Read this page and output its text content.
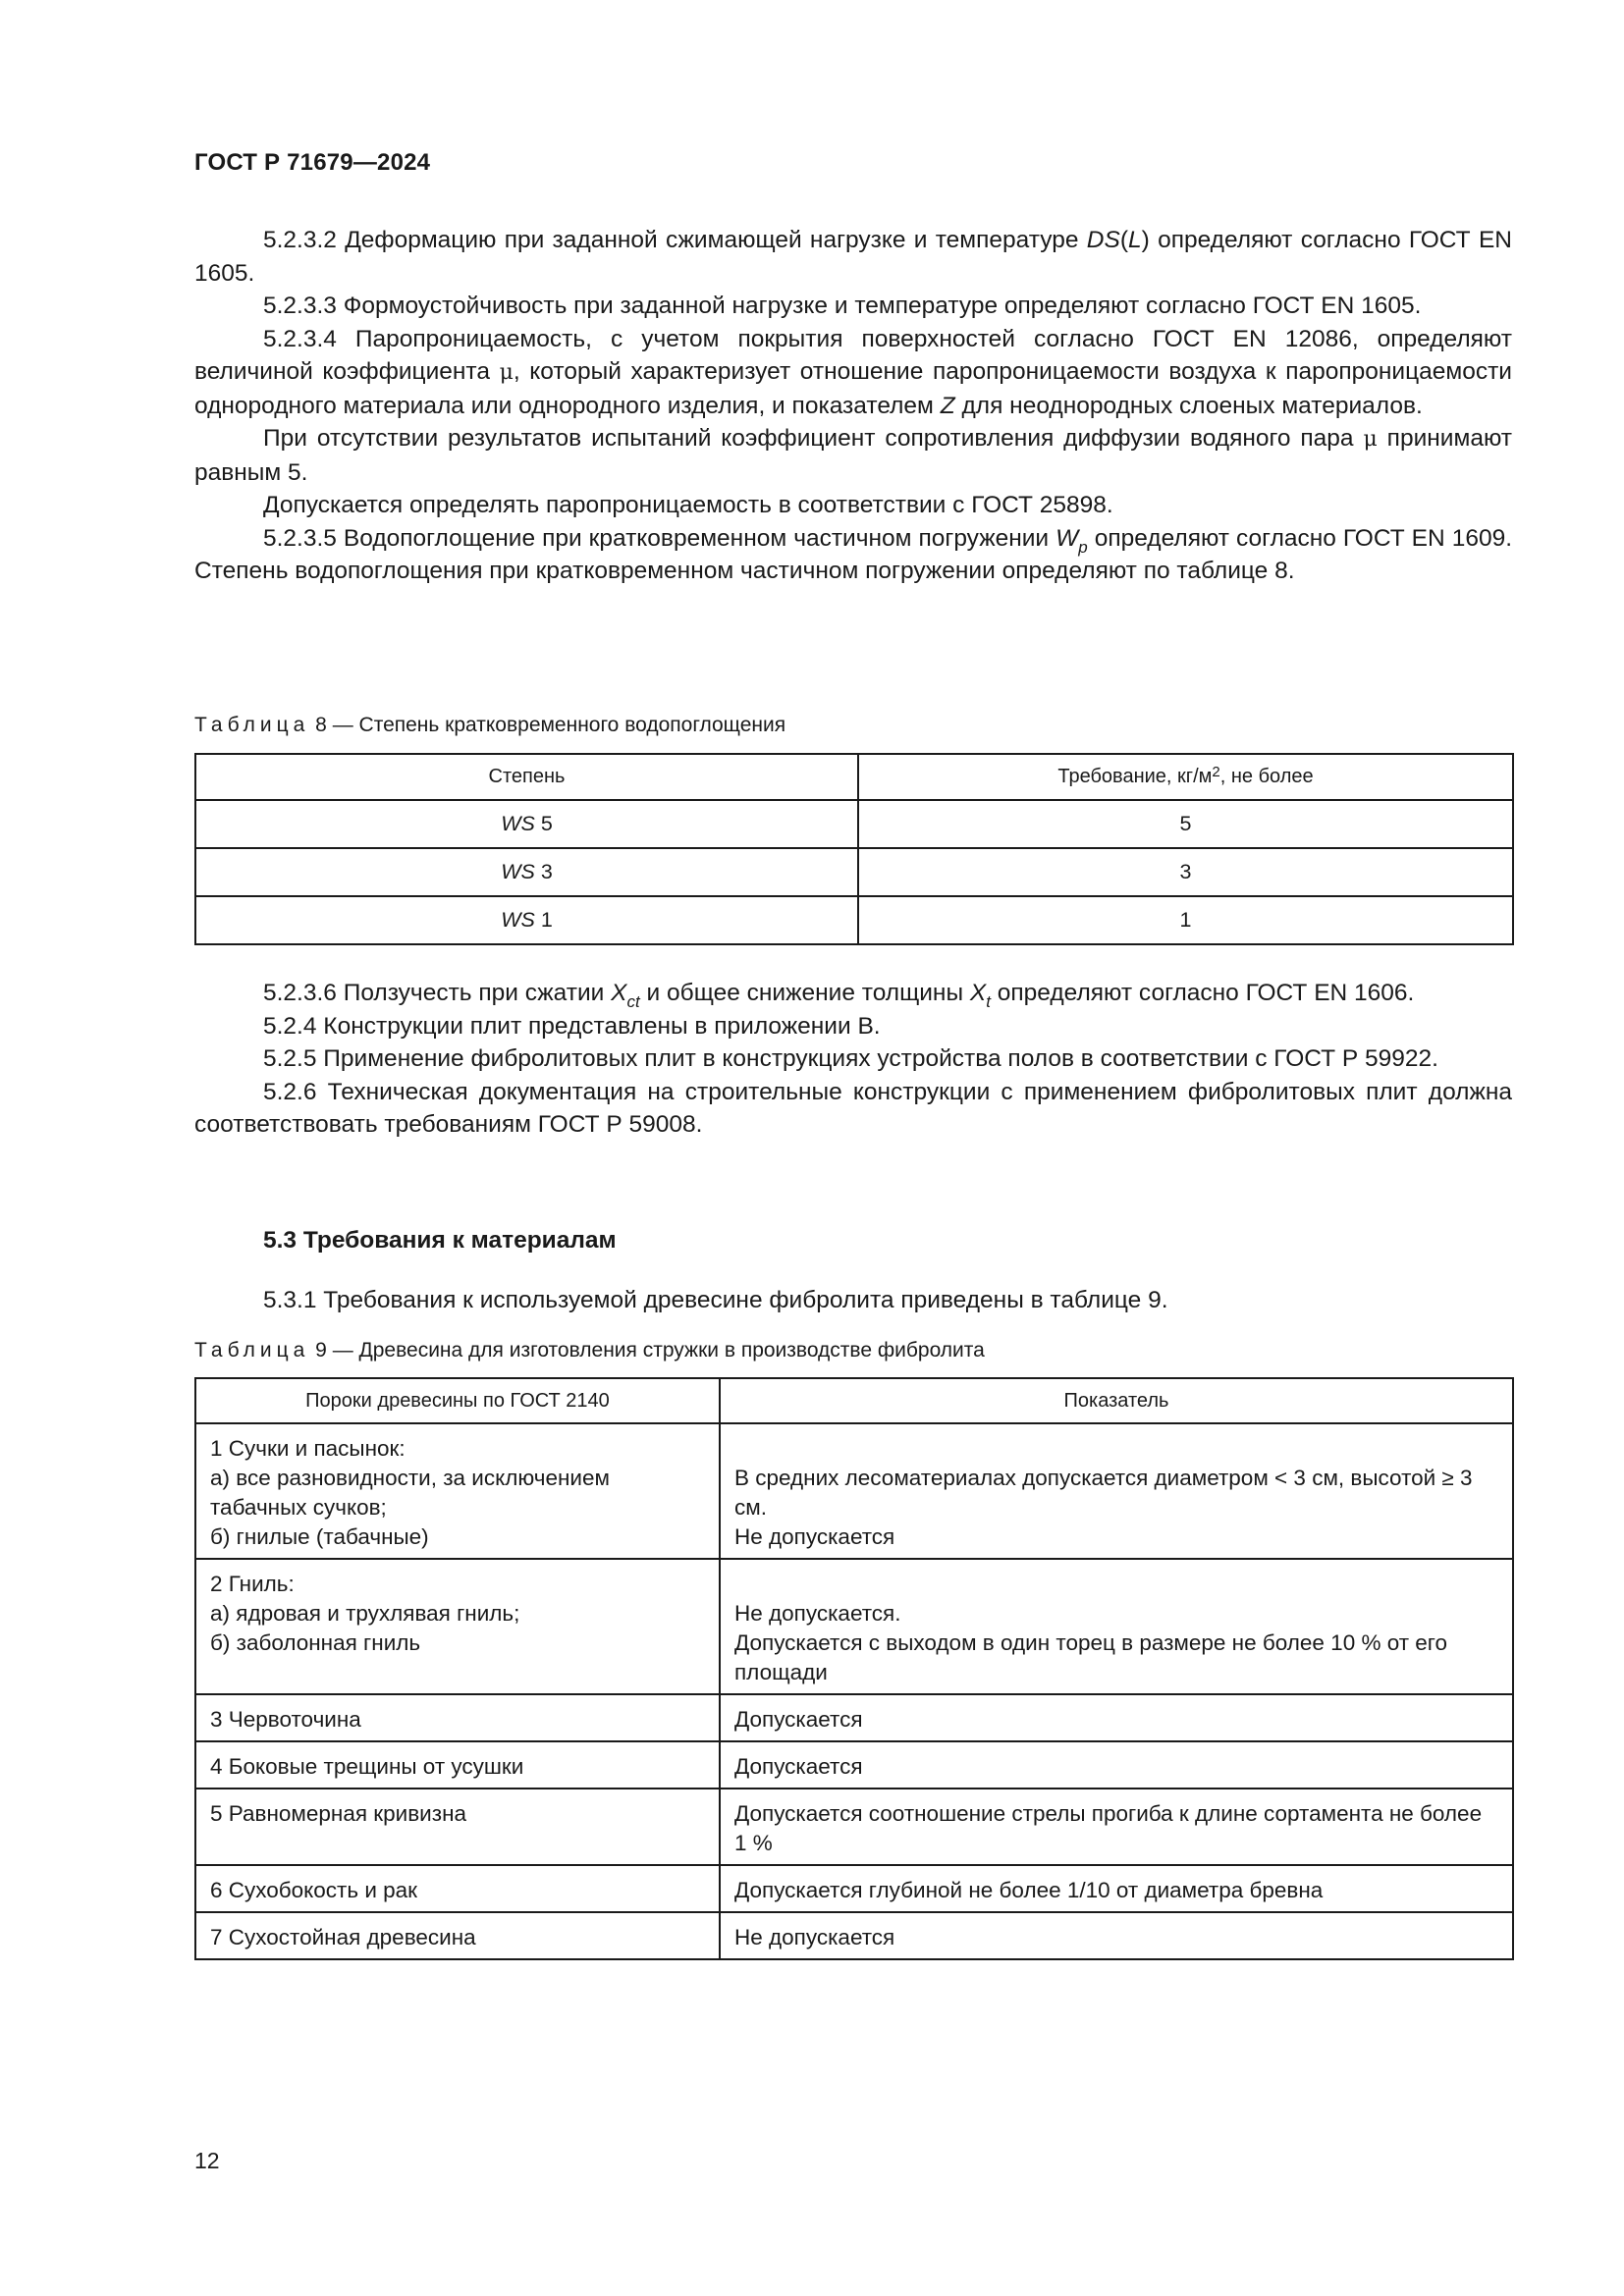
ГОСТ Р 71679—2024

5.2.3.2 Деформацию при заданной сжимающей нагрузке и температуре DS(L) определяют согласно ГОСТ EN 1605.

5.2.3.3 Формоустойчивость при заданной нагрузке и температуре определяют согласно ГОСТ EN 1605.

5.2.3.4 Паропроницаемость, с учетом покрытия поверхностей согласно ГОСТ EN 12086, определяют величиной коэффициента μ, который характеризует отношение паропроницаемости воздуха к паропроницаемости однородного материала или однородного изделия, и показателем Z для неоднородных слоеных материалов.

При отсутствии результатов испытаний коэффициент сопротивления диффузии водяного пара μ принимают равным 5.

Допускается определять паропроницаемость в соответствии с ГОСТ 25898.

5.2.3.5 Водопоглощение при кратковременном частичном погружении $W_p$ определяют согласно ГОСТ EN 1609. Степень водопоглощения при кратковременном частичном погружении определяют по таблице 8.

Таблица 8 — Степень кратковременного водопоглощения
Степень	Требование, $кг/м^2$, не более
WS 5	5
WS 3	3
WS 1	1

5.2.3.6 Ползучесть при сжатии $X_{ct}$ и общее снижение толщины $X_t$ определяют согласно ГОСТ EN 1606.

5.2.4 Конструкции плит представлены в приложении В.

5.2.5 Применение фибролитовых плит в конструкциях устройства полов в соответствии с ГОСТ Р 59922.

5.2.6 Техническая документация на строительные конструкции с применением фибролитовых плит должна соответствовать требованиям ГОСТ Р 59008.

5.3 Требования к материалам

5.3.1 Требования к используемой древесине фибролита приведены в таблице 9.

Таблица 9 — Древесина для изготовления стружки в производстве фибролита
Пороки древесины по ГОСТ 2140	Показатель

1 Сучки и пасынок:
а) все разновидности, за исключением табачных сучков;
б) гнилые (табачные)	В средних лесоматериалах допускается диаметром < 3 см, высотой ≥ 3 см.
Не допускается

2 Гниль:
а) ядровая и трухлявая гниль;
б) заболонная гниль	Не допускается.
Допускается с выходом в один торец в размере не более 10 % от его площади

3 Червоточина	Допускается
4 Боковые трещины от усушки	Допускается
5 Равномерная кривизна	Допускается соотношение стрелы прогиба к длине сортамента не более 1 %
6 Сухобокость и рак	Допускается глубиной не более 1/10 от диаметра бревна
7 Сухостойная древесина	Не допускается
12
